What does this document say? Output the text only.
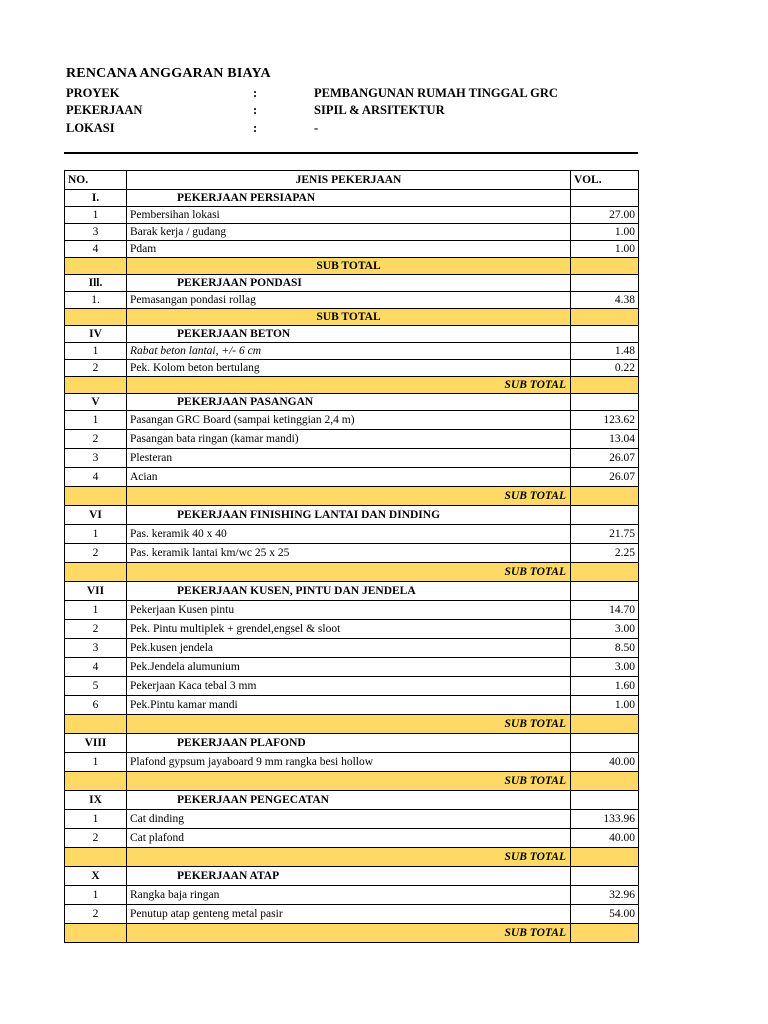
RENCANA ANGGARAN BIAYA
PROYEK	:	PEMBANGUNAN RUMAH TINGGAL GRC
PEKERJAAN	:	SIPIL & ARSITEKTUR
LOKASI	:	-
NO.	JENIS PEKERJAAN	VOL.
I.	PEKERJAAN PERSIAPAN	
1	Pembersihan lokasi	27.00
3	Barak kerja / gudang	1.00
4	Pdam	1.00
	SUB TOTAL	
Ill.	PEKERJAAN PONDASI	
1.	Pemasangan pondasi rollag	4.38
	SUB TOTAL	
IV	PEKERJAAN BETON	
1	Rabat beton lantai, +/- 6 cm	1.48
2	Pek. Kolom beton bertulang	0.22
	SUB TOTAL	
V	PEKERJAAN PASANGAN	
1	Pasangan GRC Board (sampai ketinggian 2,4 m)	123.62
2	Pasangan bata ringan (kamar mandi)	13.04
3	Plesteran	26.07
4	Acian	26.07
	SUB TOTAL	
VI	PEKERJAAN FINISHING LANTAI DAN DINDING	
1	Pas. keramik 40 x 40	21.75
2	Pas. keramik lantai km/wc 25 x 25	2.25
	SUB TOTAL	
VII	PEKERJAAN KUSEN, PINTU DAN JENDELA	
1	Pekerjaan Kusen pintu	14.70
2	Pek. Pintu multiplek + grendel,engsel & sloot	3.00
3	Pek.kusen jendela	8.50
4	Pek.Jendela alumunium	3.00
5	Pekerjaan Kaca tebal 3 mm	1.60
6	Pek.Pintu kamar mandi	1.00
	SUB TOTAL	
VIII	PEKERJAAN PLAFOND	
1	Plafond gypsum jayaboard 9 mm rangka besi hollow	40.00
	SUB TOTAL	
IX	PEKERJAAN PENGECATAN	
1	Cat dinding	133.96
2	Cat plafond	40.00
	SUB TOTAL	
X	PEKERJAAN ATAP	
1	Rangka baja ringan	32.96
2	Penutup atap genteng metal pasir	54.00
	SUB TOTAL	
